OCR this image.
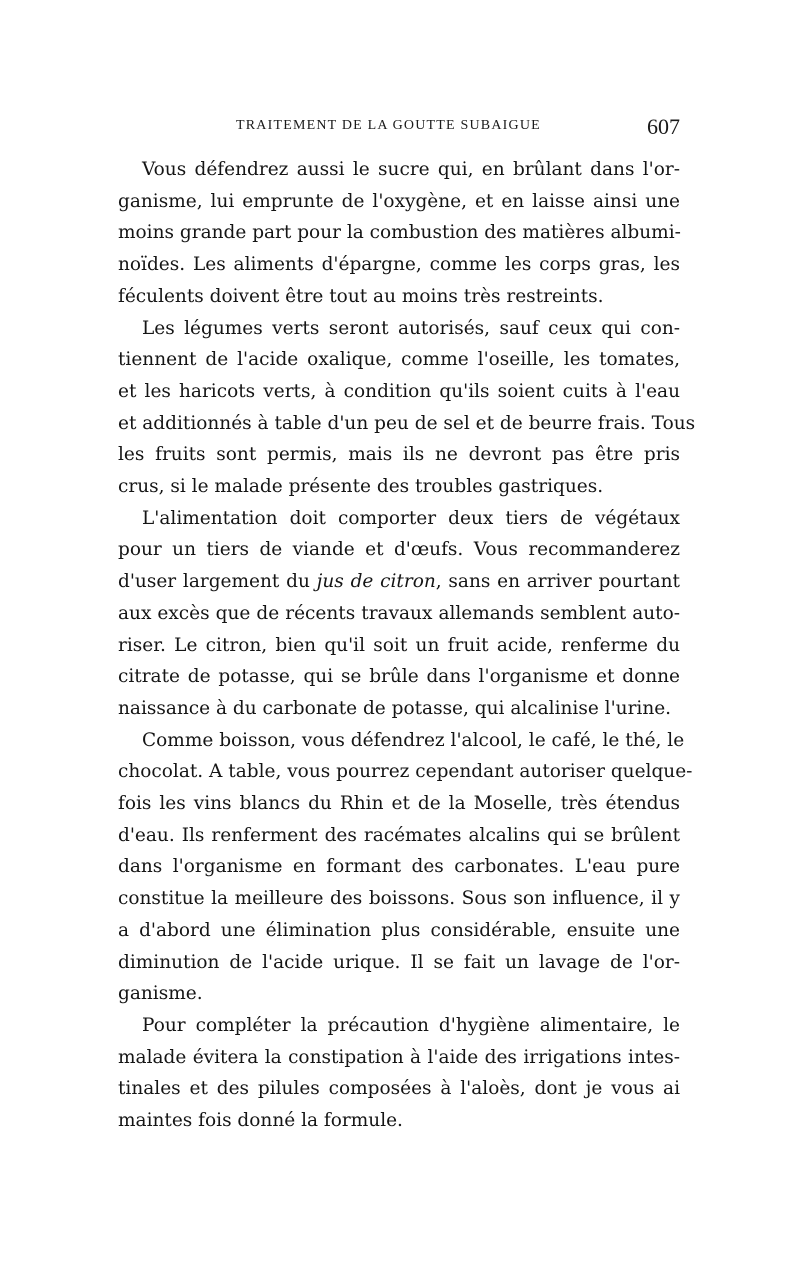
TRAITEMENT DE LA GOUTTE SUBAIGUE	607

Vous défendrez aussi le sucre qui, en brûlant dans l'or-
ganisme, lui emprunte de l'oxygène, et en laisse ainsi une
moins grande part pour la combustion des matières albumi-
noïdes. Les aliments d'épargne, comme les corps gras, les
féculents doivent être tout au moins très restreints.

Les légumes verts seront autorisés, sauf ceux qui con-
tiennent de l'acide oxalique, comme l'oseille, les tomates,
et les haricots verts, à condition qu'ils soient cuits à l'eau
et additionnés à table d'un peu de sel et de beurre frais. Tous
les fruits sont permis, mais ils ne devront pas être pris
crus, si le malade présente des troubles gastriques.

L'alimentation doit comporter deux tiers de végétaux
pour un tiers de viande et d'œufs. Vous recommanderez
d'user largement du jus de citron, sans en arriver pourtant
aux excès que de récents travaux allemands semblent auto-
riser. Le citron, bien qu'il soit un fruit acide, renferme du
citrate de potasse, qui se brûle dans l'organisme et donne
naissance à du carbonate de potasse, qui alcalinise l'urine.

Comme boisson, vous défendrez l'alcool, le café, le thé, le
chocolat. A table, vous pourrez cependant autoriser quelque-
fois les vins blancs du Rhin et de la Moselle, très étendus
d'eau. Ils renferment des racémates alcalins qui se brûlent
dans l'organisme en formant des carbonates. L'eau pure
constitue la meilleure des boissons. Sous son influence, il y
a d'abord une élimination plus considérable, ensuite une
diminution de l'acide urique. Il se fait un lavage de l'or-
ganisme.

Pour compléter la précaution d'hygiène alimentaire, le
malade évitera la constipation à l'aide des irrigations intes-
tinales et des pilules composées à l'aloès, dont je vous ai
maintes fois donné la formule.
